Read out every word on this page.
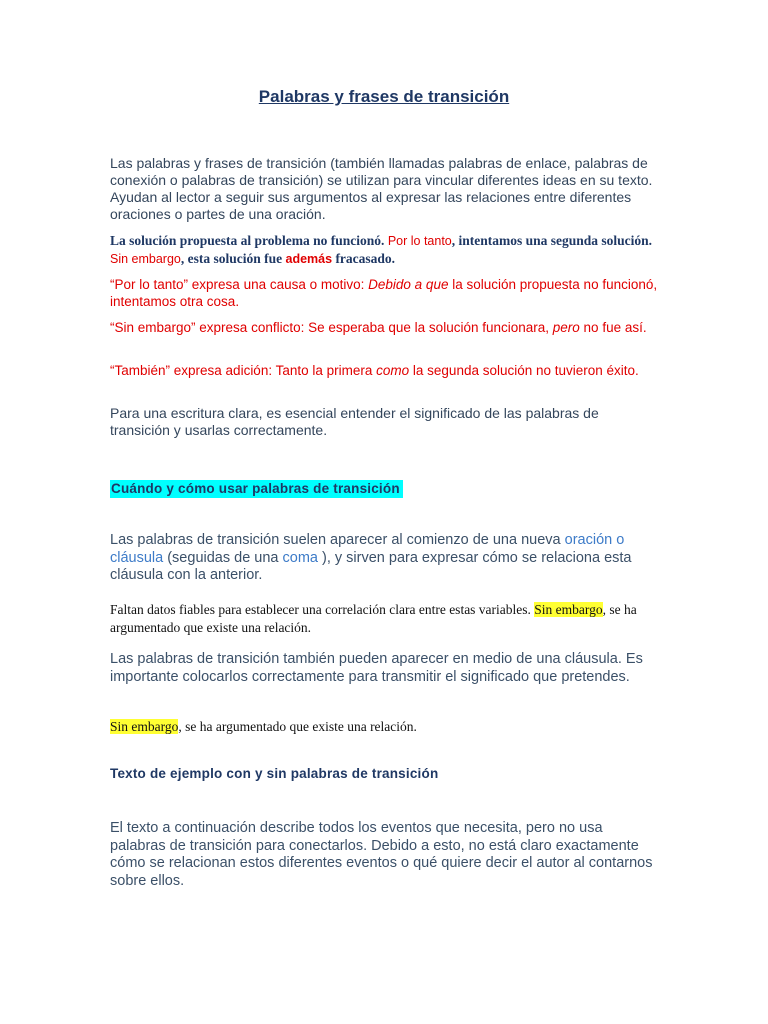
Palabras y frases de transición
Las palabras y frases de transición (también llamadas palabras de enlace, palabras de conexión o palabras de transición) se utilizan para vincular diferentes ideas en su texto. Ayudan al lector a seguir sus argumentos al expresar las relaciones entre diferentes oraciones o partes de una oración.
La solución propuesta al problema no funcionó. Por lo tanto, intentamos una segunda solución. Sin embargo, esta solución fue además fracasado.
“Por lo tanto” expresa una causa o motivo: Debido a que la solución propuesta no funcionó, intentamos otra cosa.
“Sin embargo” expresa conflicto: Se esperaba que la solución funcionara, pero no fue así.
“También” expresa adición: Tanto la primera como la segunda solución no tuvieron éxito.
Para una escritura clara, es esencial entender el significado de las palabras de transición y usarlas correctamente.
Cuándo y cómo usar palabras de transición
Las palabras de transición suelen aparecer al comienzo de una nueva oración o cláusula (seguidas de una coma ), y sirven para expresar cómo se relaciona esta cláusula con la anterior.
Faltan datos fiables para establecer una correlación clara entre estas variables. Sin embargo, se ha argumentado que existe una relación.
Las palabras de transición también pueden aparecer en medio de una cláusula. Es importante colocarlos correctamente para transmitir el significado que pretendes.
Sin embargo, se ha argumentado que existe una relación.
Texto de ejemplo con y sin palabras de transición
El texto a continuación describe todos los eventos que necesita, pero no usa palabras de transición para conectarlos. Debido a esto, no está claro exactamente cómo se relacionan estos diferentes eventos o qué quiere decir el autor al contarnos sobre ellos.
